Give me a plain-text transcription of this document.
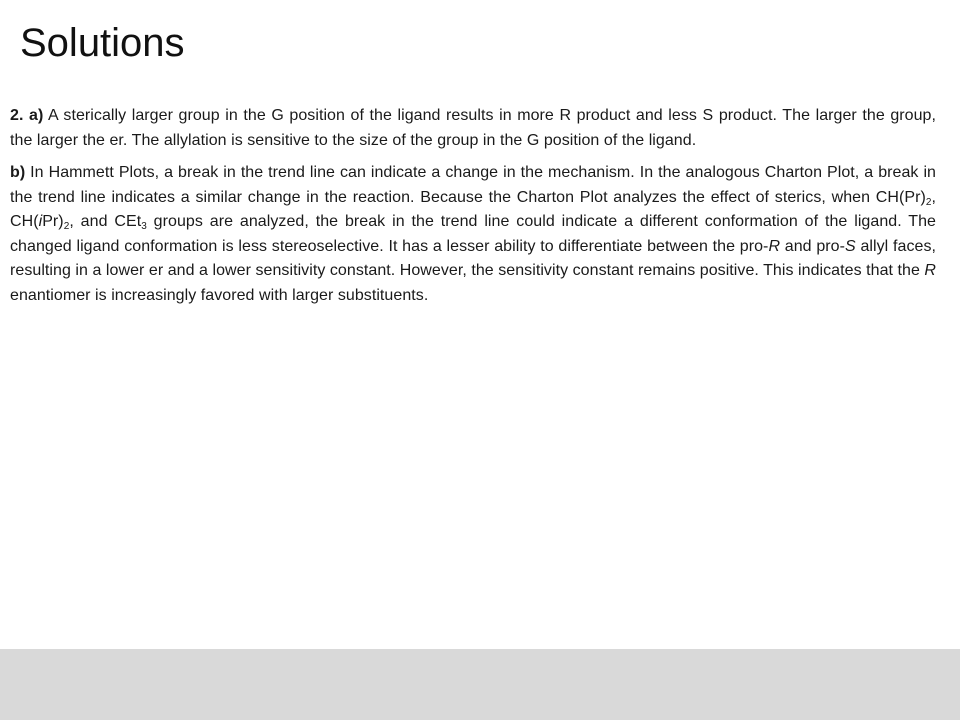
Solutions

2. a) A sterically larger group in the G position of the ligand results in more R product and less S product. The larger the group, the larger the er. The allylation is sensitive to the size of the group in the G position of the ligand.

b) In Hammett Plots, a break in the trend line can indicate a change in the mechanism. In the analogous Charton Plot, a break in the trend line indicates a similar change in the reaction. Because the Charton Plot analyzes the effect of sterics, when $CH(Pr)_2$, $CH(iPr)_2$, and CEt$_3$ groups are analyzed, the break in the trend line could indicate a different conformation of the ligand. The changed ligand conformation is less stereoselective. It has a lesser ability to differentiate between the pro-R and pro-S allyl faces, resulting in a lower er and a lower sensitivity constant. However, the sensitivity constant remains positive. This indicates that the R enantiomer is increasingly favored with larger substituents.
